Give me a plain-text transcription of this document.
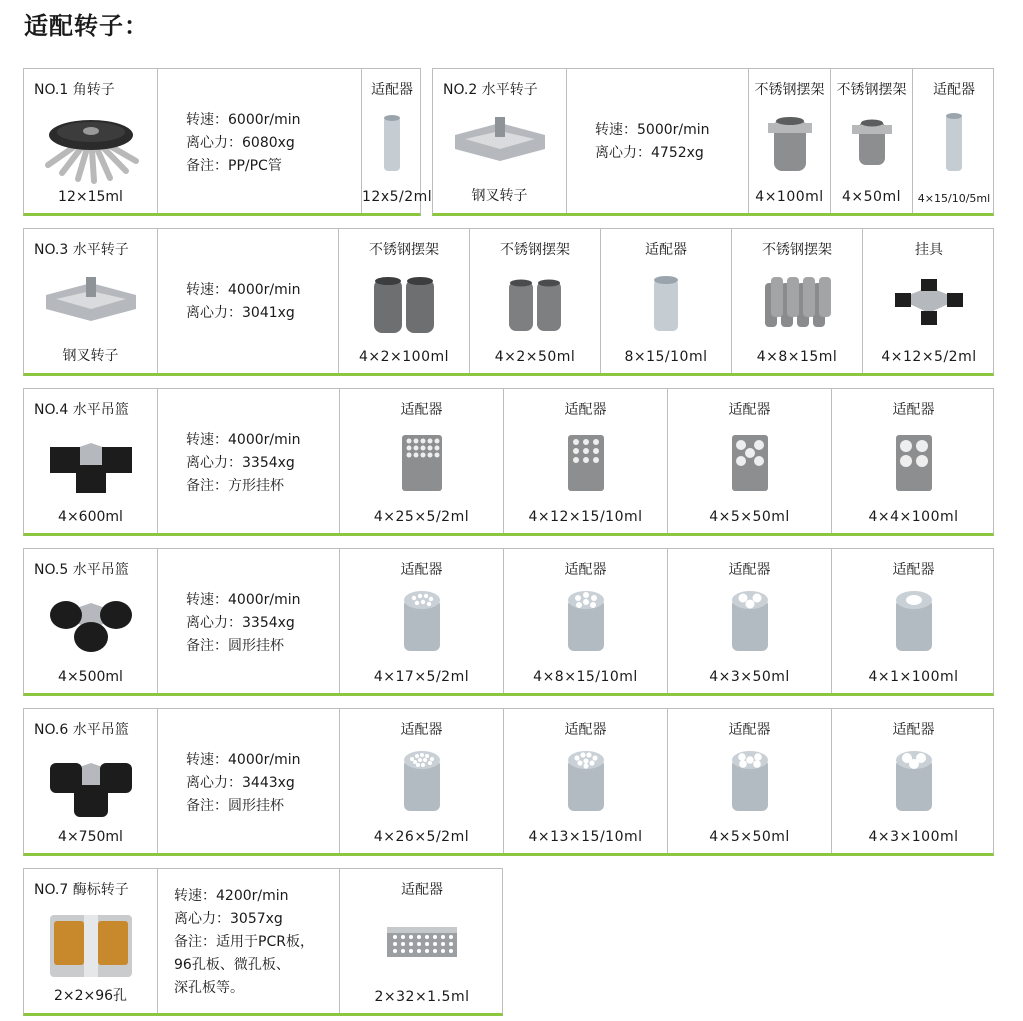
适配转子：
NO.1 角转子
12×15ml
转速：6000r/min
离心力：6080xg
备注：PP/PC管
适配器
12x5/2ml
NO.2 水平转子
钢叉转子
转速：5000r/min
离心力：4752xg
不锈钢摆架
4×100ml
不锈钢摆架
4×50ml
适配器
4×15/10/5ml
NO.3 水平转子
钢叉转子
转速：4000r/min
离心力：3041xg
不锈钢摆架
4×2×100ml
不锈钢摆架
4×2×50ml
适配器
8×15/10ml
不锈钢摆架
4×8×15ml
挂具
4×12×5/2ml
NO.4 水平吊篮
4×600ml
转速：4000r/min
离心力：3354xg
备注：方形挂杯
适配器
4×25×5/2ml
适配器
4×12×15/10ml
适配器
4×5×50ml
适配器
4×4×100ml
NO.5 水平吊篮
4×500ml
转速：4000r/min
离心力：3354xg
备注：圆形挂杯
适配器
4×17×5/2ml
适配器
4×8×15/10ml
适配器
4×3×50ml
适配器
4×1×100ml
NO.6 水平吊篮
4×750ml
转速：4000r/min
离心力：3443xg
备注：圆形挂杯
适配器
4×26×5/2ml
适配器
4×13×15/10ml
适配器
4×5×50ml
适配器
4×3×100ml
NO.7 酶标转子
2×2×96孔
转速：4200r/min
离心力：3057xg
备注：适用于PCR板，
96孔板、微孔板、
深孔板等。
适配器
2×32×1.5ml
